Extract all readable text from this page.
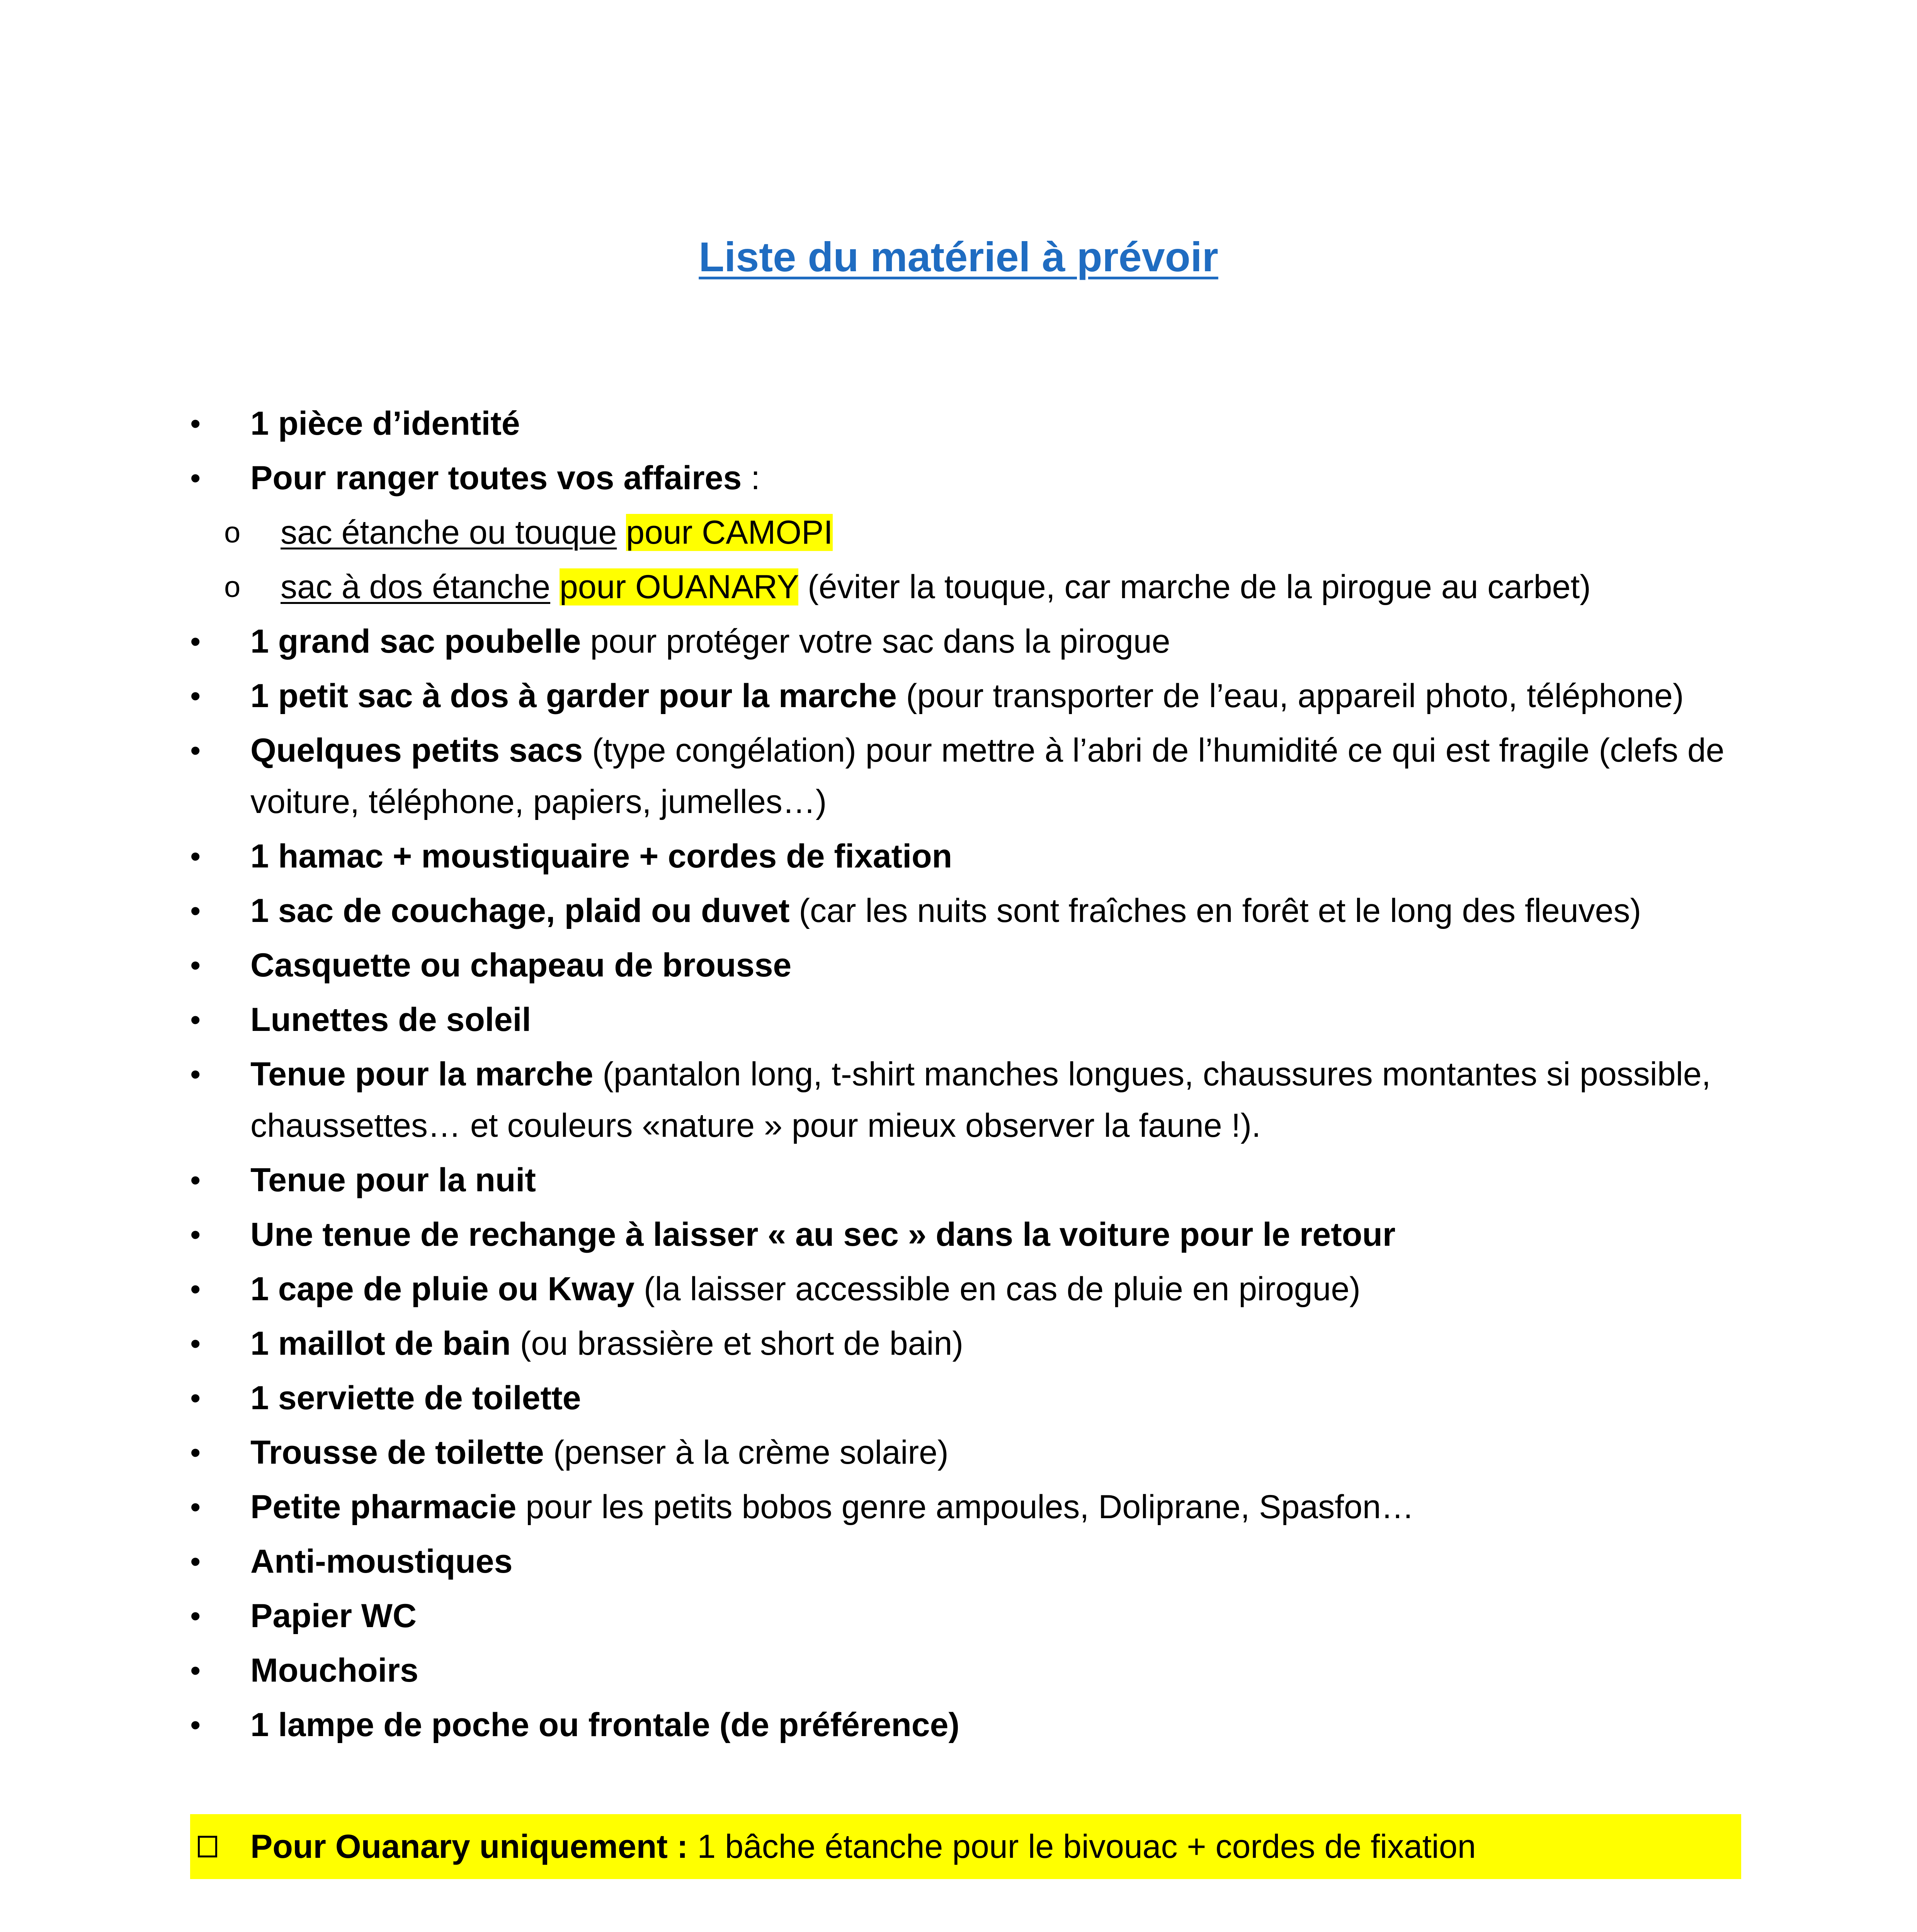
Liste du matériel à prévoir
• 1 pièce d’identité
• Pour ranger toutes vos affaires :
o sac étanche ou touque pour CAMOPI
o sac à dos étanche pour OUANARY (éviter la touque, car marche de la pirogue au carbet)
• 1 grand sac poubelle pour protéger votre sac dans la pirogue
• 1 petit sac à dos à garder pour la marche (pour transporter de l’eau, appareil photo, téléphone)
• Quelques petits sacs (type congélation) pour mettre à l’abri de l’humidité ce qui est fragile (clefs de voiture, téléphone, papiers, jumelles…)
• 1 hamac + moustiquaire + cordes de fixation
• 1 sac de couchage, plaid ou duvet (car les nuits sont fraîches en forêt et le long des fleuves)
• Casquette ou chapeau de brousse
• Lunettes de soleil
• Tenue pour la marche (pantalon long, t-shirt manches longues, chaussures montantes si possible, chaussettes… et couleurs «nature » pour mieux observer la faune !).
• Tenue pour la nuit
• Une tenue de rechange à laisser « au sec » dans la voiture pour le retour
• 1 cape de pluie ou Kway (la laisser accessible en cas de pluie en pirogue)
• 1 maillot de bain (ou brassière et short de bain)
• 1 serviette de toilette
• Trousse de toilette (penser à la crème solaire)
• Petite pharmacie pour les petits bobos genre ampoules, Doliprane, Spasfon…
• Anti-moustiques
• Papier WC
• Mouchoirs
• 1 lampe de poche ou frontale (de préférence)
Pour Ouanary uniquement : 1 bâche étanche pour le bivouac + cordes de fixation
